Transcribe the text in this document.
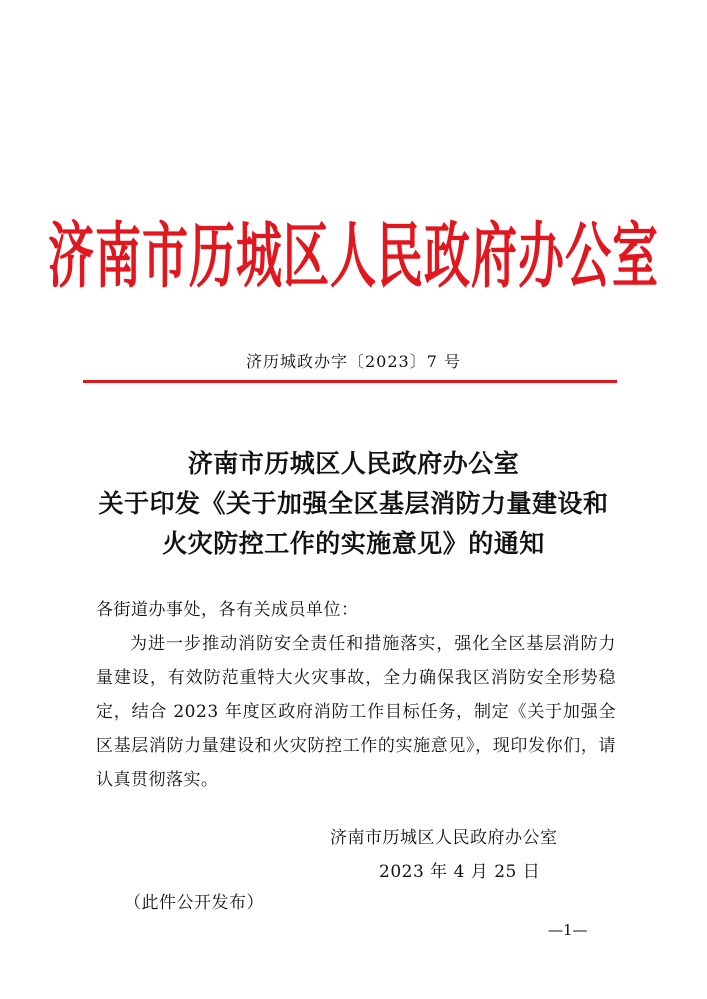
济南市历城区人民政府办公室
济历城政办字〔2023〕7 号
济南市历城区人民政府办公室
关于印发《关于加强全区基层消防力量建设和
火灾防控工作的实施意见》的通知

各街道办事处，各有关成员单位：

为进一步推动消防安全责任和措施落实，强化全区基层消防力量建设，有效防范重特大火灾事故，全力确保我区消防安全形势稳定，结合 2023 年度区政府消防工作目标任务，制定《关于加强全区基层消防力量建设和火灾防控工作的实施意见》，现印发你们，请认真贯彻落实。

济南市历城区人民政府办公室
2023 年 4 月 25 日
（此件公开发布）
—1—
